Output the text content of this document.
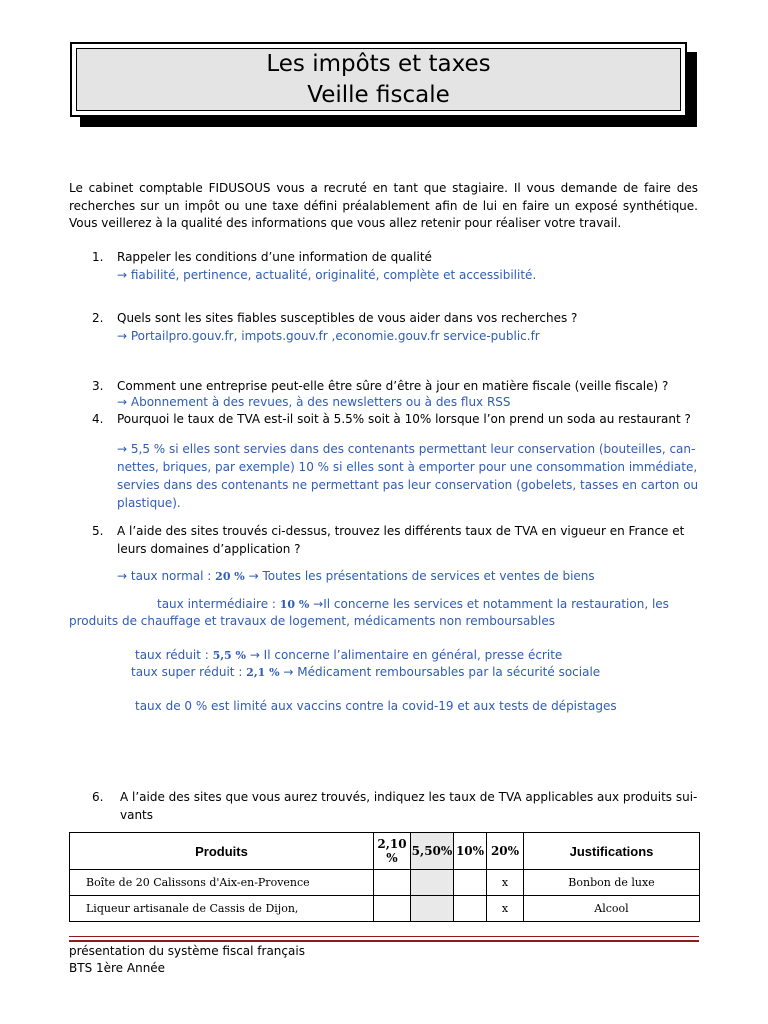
Les impôts et taxes
Veille fiscale
Le cabinet comptable FIDUSOUS vous a recruté en tant que stagiaire. Il vous demande de faire des recherches sur un impôt ou une taxe défini préalablement afin de lui en faire un exposé synthétique. Vous veillerez à la qualité des informations que vous allez retenir pour réaliser votre travail.
1. Rappeler les conditions d’une information de qualité
→ fiabilité, pertinence, actualité, originalité, complète et accessibilité.
2. Quels sont les sites fiables susceptibles de vous aider dans vos recherches ?
→ Portailpro.gouv.fr, impots.gouv.fr ,economie.gouv.fr service-public.fr
3. Comment une entreprise peut-elle être sûre d’être à jour en matière fiscale (veille fiscale) ?
→ Abonnement à des revues, à des newsletters ou à des flux RSS
4. Pourquoi le taux de TVA est-il soit à 5.5% soit à 10% lorsque l’on prend un soda au restaurant ?
→ 5,5 % si elles sont servies dans des contenants permettant leur conservation (bouteilles, can-
nettes, briques, par exemple) 10 % si elles sont à emporter pour une consommation immédiate,
servies dans des contenants ne permettant pas leur conservation (gobelets, tasses en carton ou
plastique).
5. A l’aide des sites trouvés ci-dessus, trouvez les différents taux de TVA en vigueur en France et
leurs domaines d’application ?
→ taux normal : 20 % → Toutes les présentations de services et ventes de biens
taux intermédiaire : 10 % →Il concerne les services et notamment la restauration, les
produits de chauffage et travaux de logement, médicaments non remboursables
taux réduit : 5,5 % → Il concerne l’alimentaire en général, presse écrite
taux super réduit : 2,1 % → Médicament remboursables par la sécurité sociale
taux de 0 % est limité aux vaccins contre la covid-19 et aux tests de dépistages
6. A l’aide des sites que vous aurez trouvés, indiquez les taux de TVA applicables aux produits sui-
vants
Produits	2,10 %	5,50%	10%	20%	Justifications
Boîte de 20 Calissons d'Aix-en-Provence				x	Bonbon de luxe
Liqueur artisanale de Cassis de Dijon,				x	Alcool
présentation du système fiscal français
BTS 1ère Année
